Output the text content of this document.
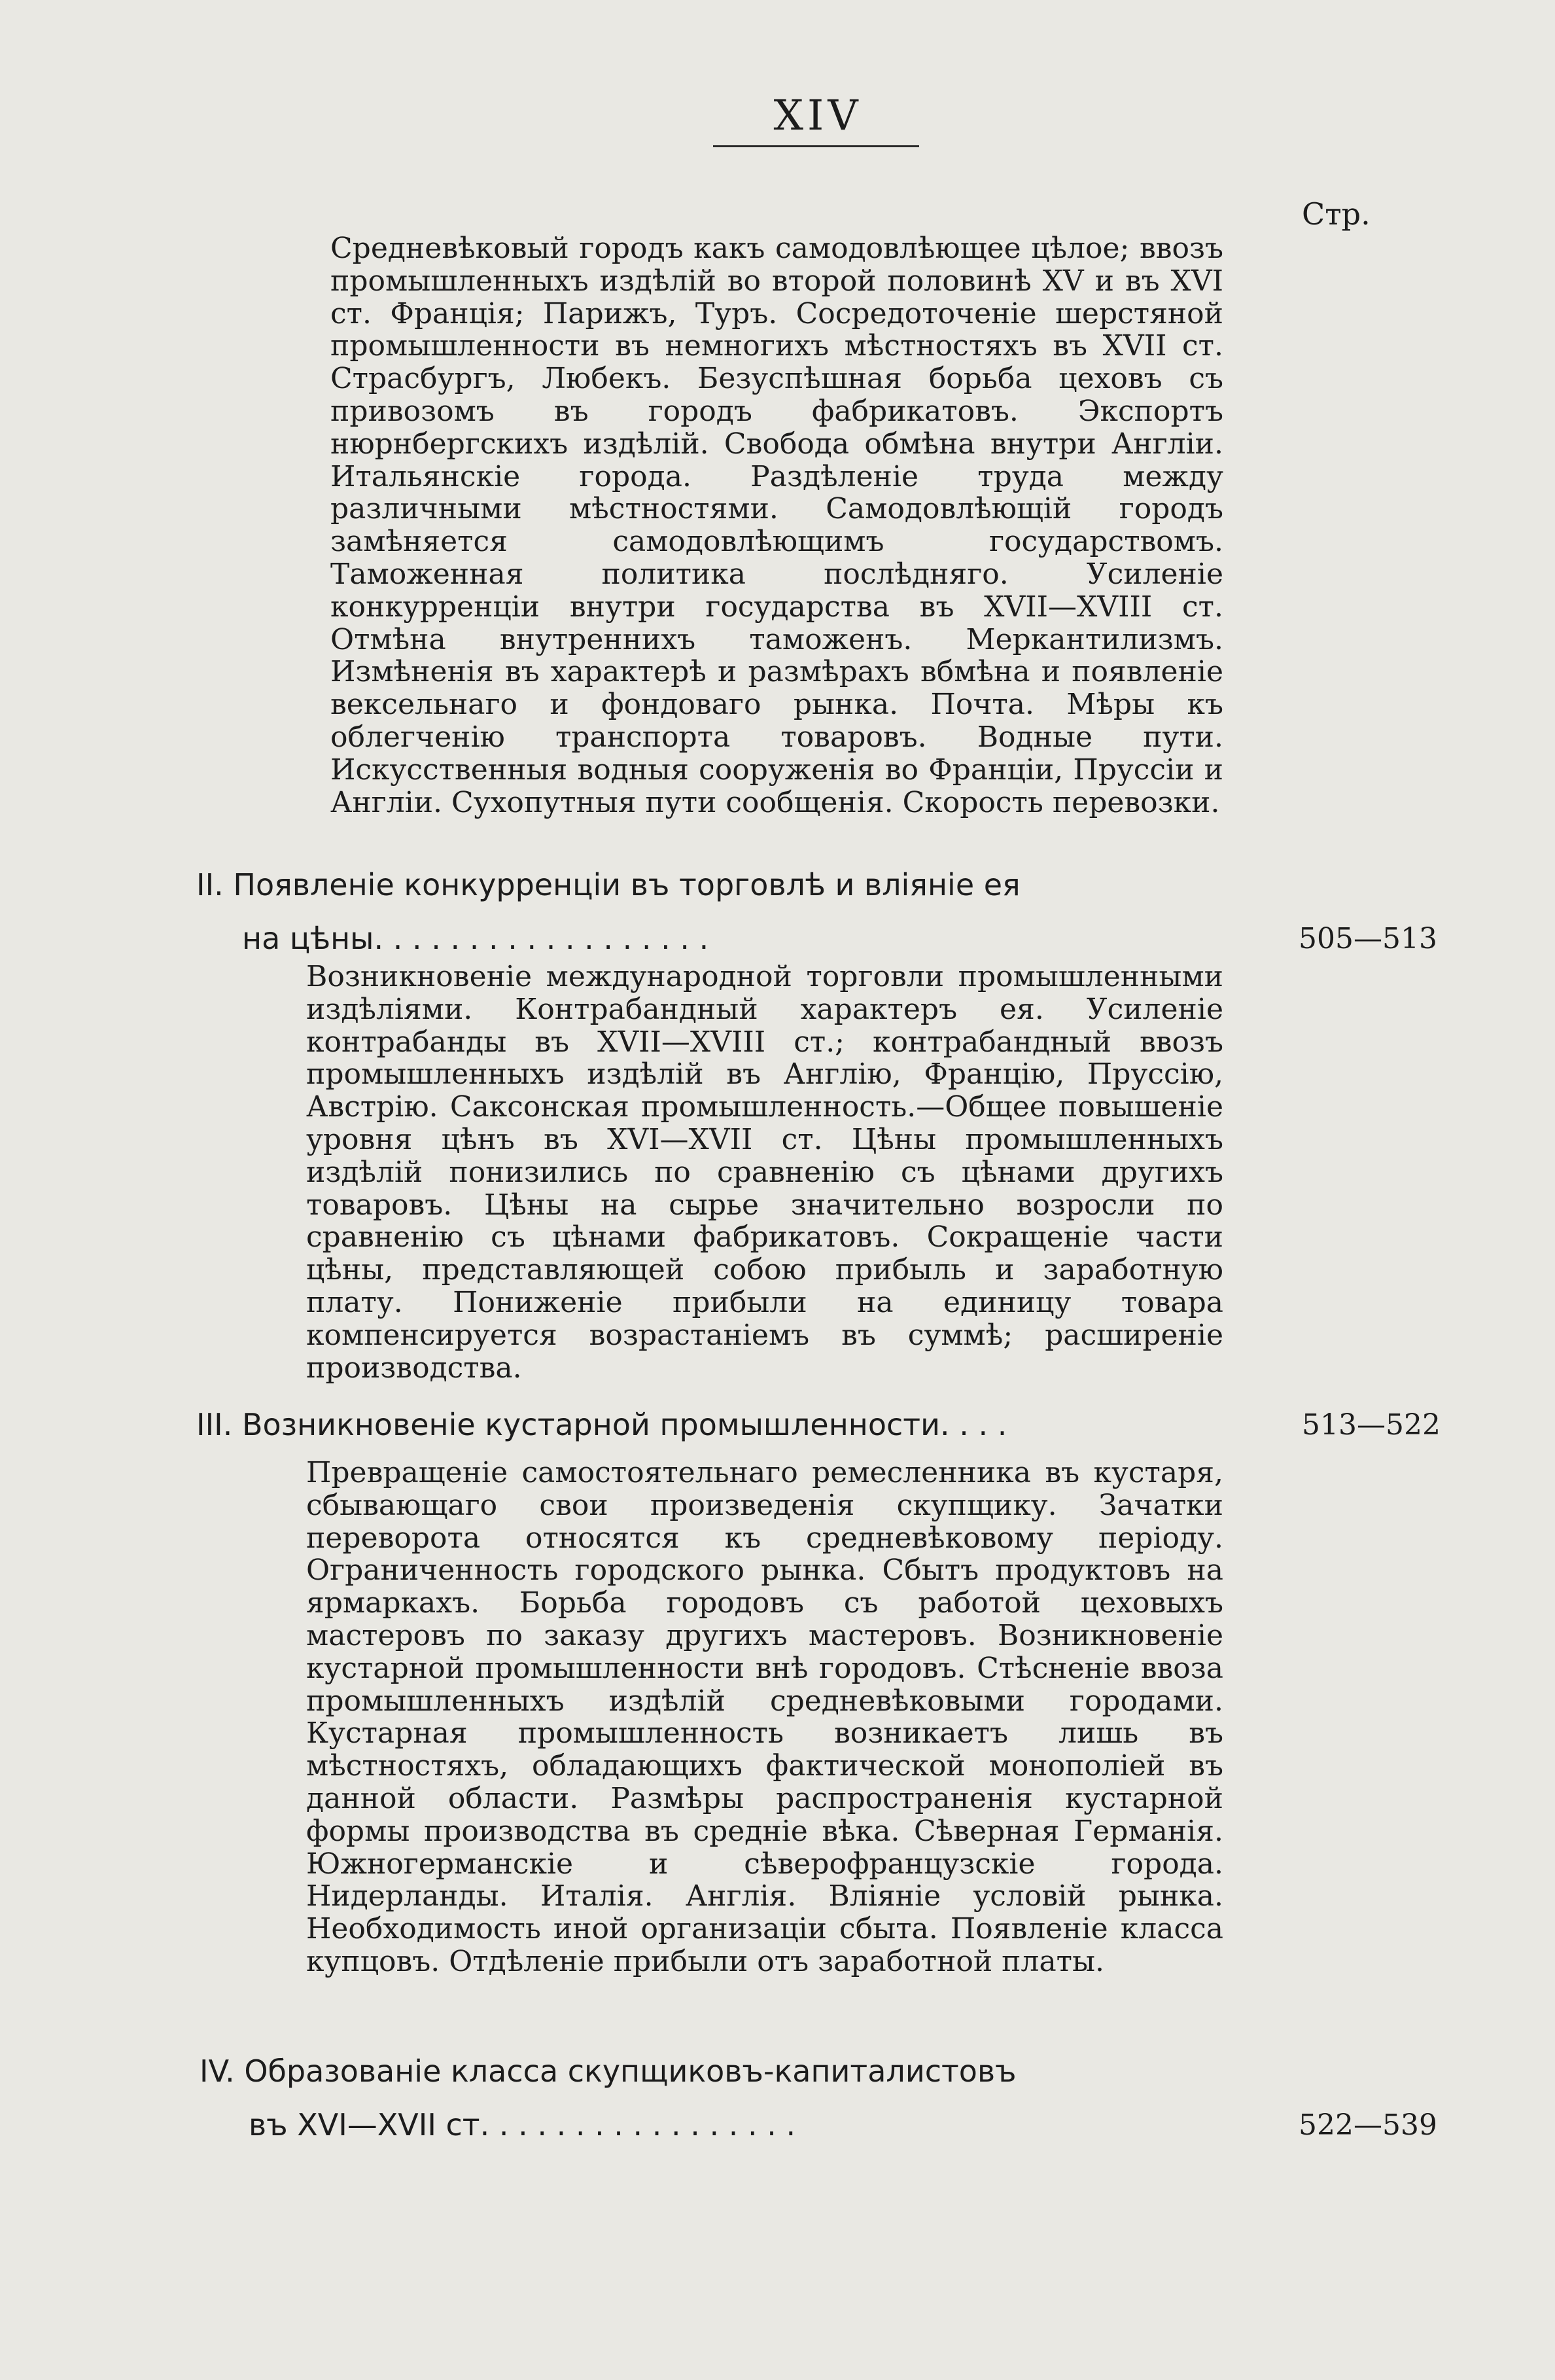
XIV
Стр.

Средневѣковый городъ какъ самодовлѣющее цѣлое; ввозъ промышленныхъ издѣлій во второй половинѣ XV и въ XVI ст. Франція; Парижъ, Туръ. Сосредоточеніе шерстяной промышленности въ немногихъ мѣстностяхъ въ XVII ст. Страсбургъ, Любекъ. Безуспѣшная борьба цеховъ съ привозомъ въ городъ фабрикатовъ. Экспортъ нюрнбергскихъ издѣлій. Свобода обмѣна внутри Англіи. Итальянскіе города. Раздѣленіе труда между различными мѣстностями. Самодовлѣющій городъ замѣняется самодовлѣющимъ государствомъ. Таможенная политика послѣдняго. Усиленіе конкурренціи внутри государства въ XVII—XVIII ст. Отмѣна внутреннихъ таможенъ. Меркантилизмъ. Измѣненія въ характерѣ и размѣрахъ вбмѣна и появленіе вексельнаго и фондоваго рынка. Почта. Мѣры къ облегченію транспорта товаровъ. Водные пути. Искусственныя водныя сооруженія во Франціи, Пруссіи и Англіи. Сухопутныя пути сообщенія. Скорость перевозки.

II. Появленіе конкурренціи въ торговлѣ и вліяніе ея
на цѣны. . . . . . . . . . . . . . . . . .	505—513

Возникновеніе международной торговли промышленными издѣліями. Контрабандный характеръ ея. Усиленіе контрабанды въ XVII—XVIII ст.; контрабандный ввозъ промышленныхъ издѣлій въ Англію, Францію, Пруссію, Австрію. Саксонская промышленность.—Общее повышеніе уровня цѣнъ въ XVI—XVII ст. Цѣны промышленныхъ издѣлій понизились по сравненію съ цѣнами другихъ товаровъ. Цѣны на сырье значительно возросли по сравненію съ цѣнами фабрикатовъ. Сокращеніе части цѣны, представляющей собою прибыль и заработную плату. Пониженіе прибыли на единицу товара компенсируется возрастаніемъ въ суммѣ; расширеніе производства.

III. Возникновеніе кустарной промышленности. . . .	513—522

Превращеніе самостоятельнаго ремесленника въ кустаря, сбывающаго свои произведенія скупщику. Зачатки переворота относятся къ средневѣковому періоду. Ограниченность городского рынка. Сбытъ продуктовъ на ярмаркахъ. Борьба городовъ съ работой цеховыхъ мастеровъ по заказу другихъ мастеровъ. Возникновеніе кустарной промышленности внѣ городовъ. Стѣсненіе ввоза промышленныхъ издѣлій средневѣковыми городами. Кустарная промышленность возникаетъ лишь въ мѣстностяхъ, обладающихъ фактической монополіей въ данной области. Размѣры распространенія кустарной формы производства въ средніе вѣка. Сѣверная Германія. Южногерманскіе и сѣверофранцузскіе города. Нидерланды. Италія. Англія. Вліяніе условій рынка. Необходимость иной организаціи сбыта. Появленіе класса купцовъ. Отдѣленіе прибыли отъ заработной платы.

IV. Образованіе класса скупщиковъ-капиталистовъ
въ XVI—XVII ст. . . . . . . . . . . . . . . . .	522—539
